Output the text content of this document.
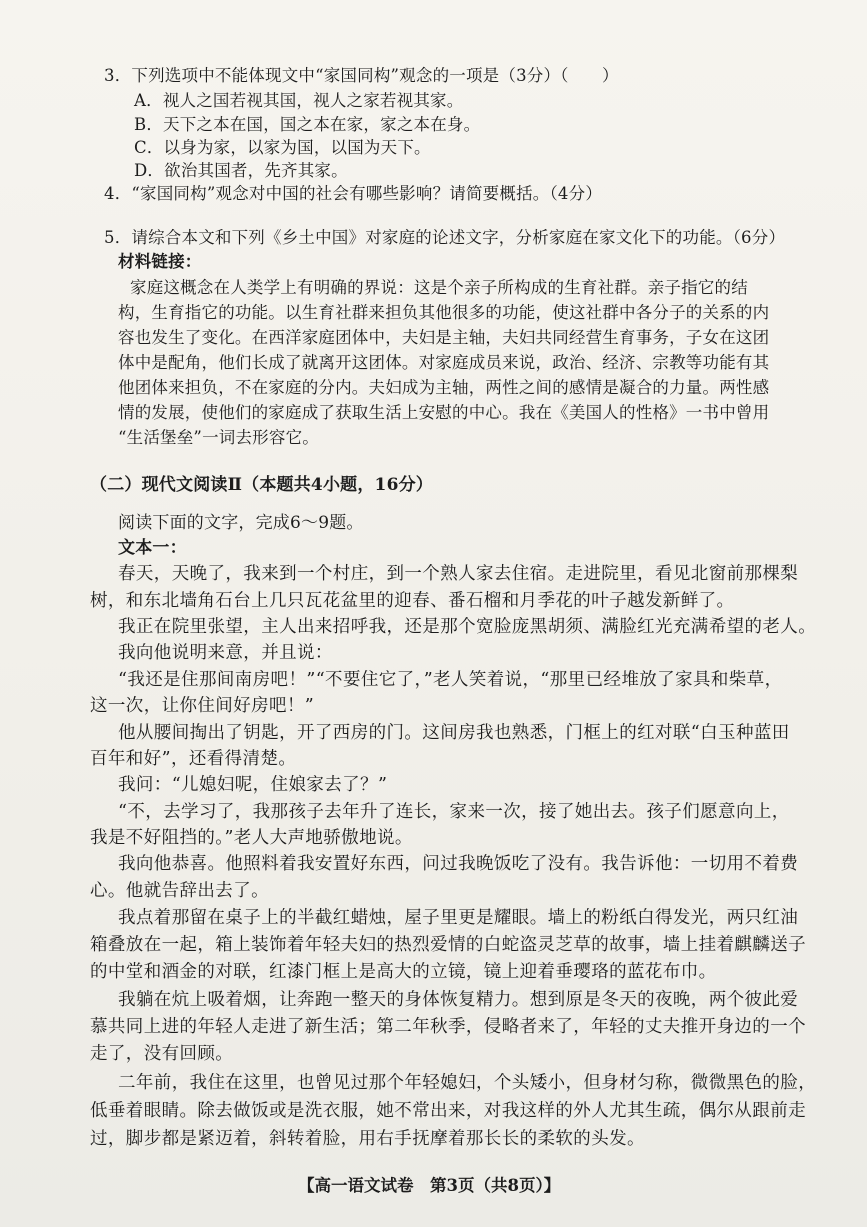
3．下列选项中不能体现文中“家国同构”观念的一项是（3分）（　　）
A．视人之国若视其国，视人之家若视其家。
B．天下之本在国，国之本在家，家之本在身。
C．以身为家，以家为国，以国为天下。
D．欲治其国者，先齐其家。
4．“家国同构”观念对中国的社会有哪些影响？请简要概括。（4分）
5．请综合本文和下列《乡土中国》对家庭的论述文字，分析家庭在家文化下的功能。（6分）
材料链接：
家庭这概念在人类学上有明确的界说：这是个亲子所构成的生育社群。亲子指它的结
构，生育指它的功能。以生育社群来担负其他很多的功能，使这社群中各分子的关系的内
容也发生了变化。在西洋家庭团体中，夫妇是主轴，夫妇共同经营生育事务，子女在这团
体中是配角，他们长成了就离开这团体。对家庭成员来说，政治、经济、宗教等功能有其
他团体来担负，不在家庭的分内。夫妇成为主轴，两性之间的感情是凝合的力量。两性感
情的发展，使他们的家庭成了获取生活上安慰的中心。我在《美国人的性格》一书中曾用
“生活堡垒”一词去形容它。
（二）现代文阅读Ⅱ（本题共4小题，16分）
阅读下面的文字，完成6～9题。
文本一：
春天，天晚了，我来到一个村庄，到一个熟人家去住宿。走进院里，看见北窗前那棵梨
树，和东北墙角石台上几只瓦花盆里的迎春、番石榴和月季花的叶子越发新鲜了。
我正在院里张望，主人出来招呼我，还是那个宽脸庞黑胡须、满脸红光充满希望的老人。
我向他说明来意，并且说：
“我还是住那间南房吧！”“不要住它了，”老人笑着说，“那里已经堆放了家具和柴草，
这一次，让你住间好房吧！”
他从腰间掏出了钥匙，开了西房的门。这间房我也熟悉，门框上的红对联“白玉种蓝田
百年和好”，还看得清楚。
我问：“儿媳妇呢，住娘家去了？”
“不，去学习了，我那孩子去年升了连长，家来一次，接了她出去。孩子们愿意向上，
我是不好阻挡的。”老人大声地骄傲地说。
我向他恭喜。他照料着我安置好东西，问过我晚饭吃了没有。我告诉他：一切用不着费
心。他就告辞出去了。
我点着那留在桌子上的半截红蜡烛，屋子里更是耀眼。墙上的粉纸白得发光，两只红油
箱叠放在一起，箱上装饰着年轻夫妇的热烈爱情的白蛇盗灵芝草的故事，墙上挂着麒麟送子
的中堂和酒金的对联，红漆门框上是高大的立镜，镜上迎着垂璎珞的蓝花布巾。
我躺在炕上吸着烟，让奔跑一整天的身体恢复精力。想到原是冬天的夜晚，两个彼此爱
慕共同上进的年轻人走进了新生活；第二年秋季，侵略者来了，年轻的丈夫推开身边的一个
走了，没有回顾。
二年前，我住在这里，也曾见过那个年轻媳妇，个头矮小，但身材匀称，微微黑色的脸，
低垂着眼睛。除去做饭或是洗衣服，她不常出来，对我这样的外人尤其生疏，偶尔从跟前走
过，脚步都是紧迈着，斜转着脸，用右手抚摩着那长长的柔软的头发。
【高一语文试卷　第3页（共8页）】
